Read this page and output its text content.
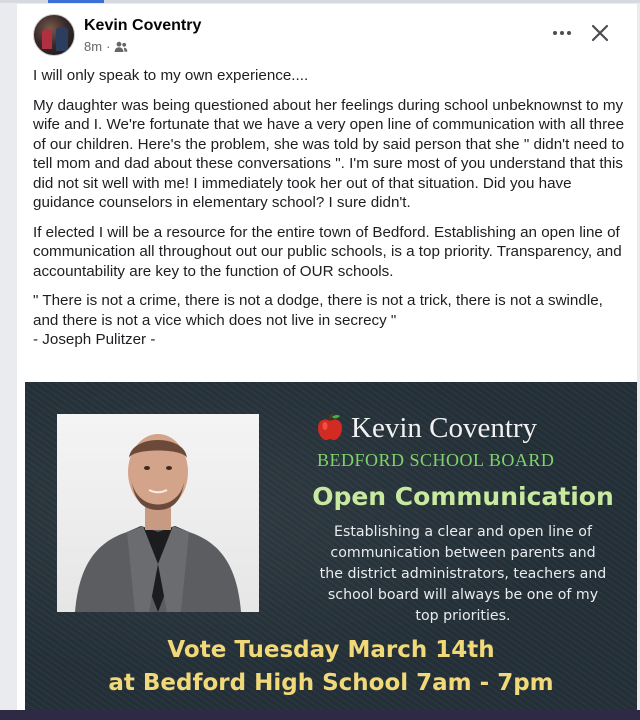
Kevin Coventry
8m ·

I will only speak to my own experience....

My daughter was being questioned about her feelings during school unbeknownst to my wife and I. We're fortunate that we have a very open line of communication with all three of our children. Here's the problem, she was told by said person that she " didn't need to tell mom and dad about these conversations ". I'm sure most of you understand that this did not sit well with me! I immediately took her out of that situation. Did you have guidance counselors in elementary school? I sure didn't.

If elected I will be a resource for the entire town of Bedford. Establishing an open line of communication all throughout out our public schools, is a top priority. Transparency, and accountability are key to the function of OUR schools.

" There is not a crime, there is not a dodge, there is not a trick, there is not a swindle, and there is not a vice which does not live in secrecy "
- Joseph Pulitzer -

Kevin Coventry
BEDFORD SCHOOL BOARD
Open Communication
Establishing a clear and open line of
communication between parents and
the district administrators, teachers and
school board will always be one of my
top priorities.
Vote Tuesday March 14th
at Bedford High School 7am - 7pm
